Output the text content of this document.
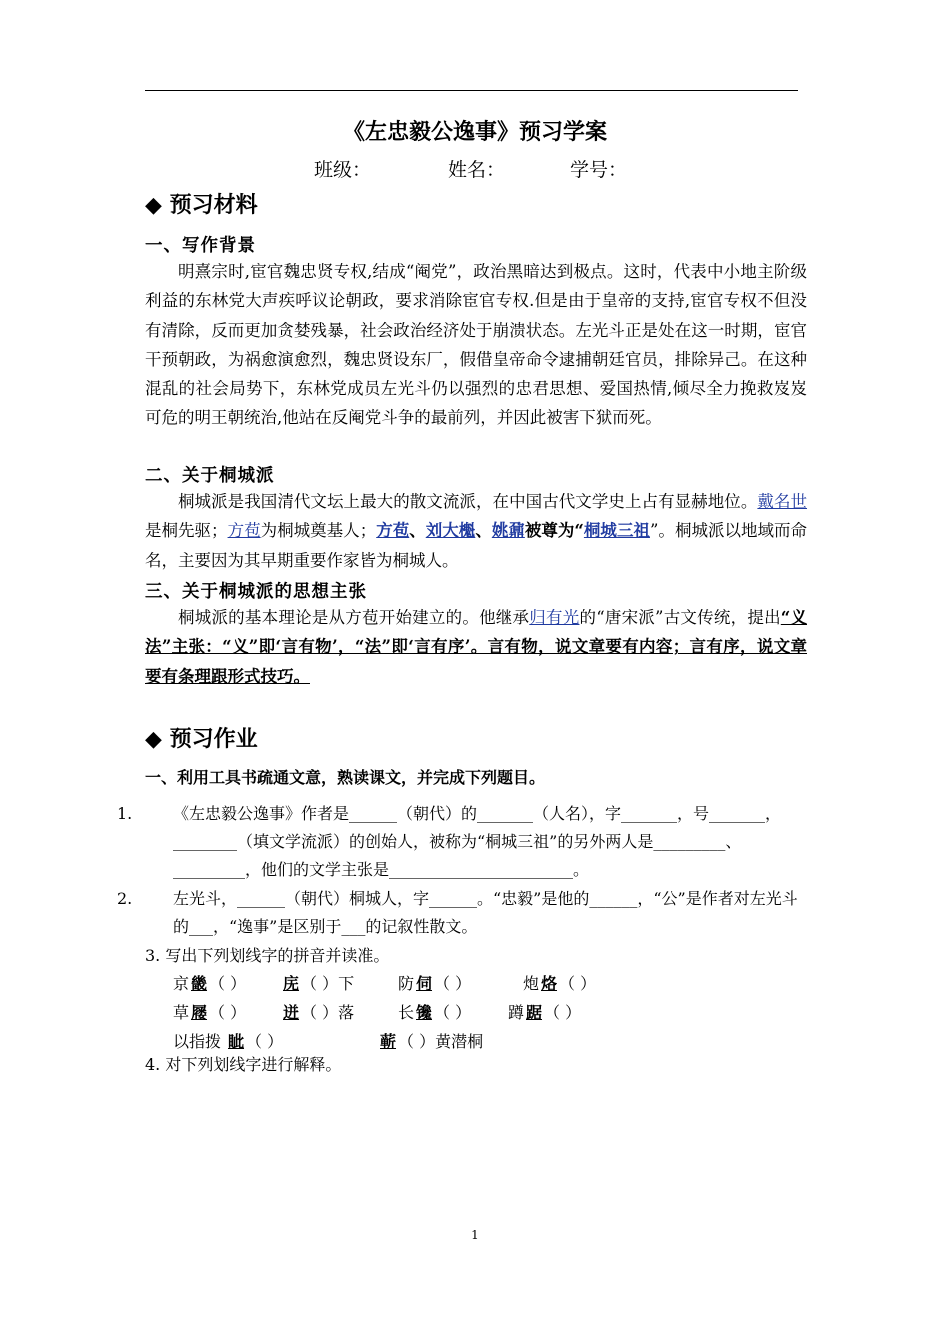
《左忠毅公逸事》预习学案
班级：	姓名：	学号：
◆ 预习材料
一、写作背景
明熹宗时,宦官魏忠贤专权,结成“阉党”，政治黑暗达到极点。这时，代表中小地主阶级利益的东林党大声疾呼议论朝政，要求消除宦官专权.但是由于皇帝的支持,宦官专权不但没有清除，反而更加贪婪残暴，社会政治经济处于崩溃状态。左光斗正是处在这一时期，宦官干预朝政，为祸愈演愈烈，魏忠贤设东厂，假借皇帝命令逮捕朝廷官员，排除异己。在这种混乱的社会局势下，东林党成员左光斗仍以强烈的忠君思想、爱国热情,倾尽全力挽救岌岌可危的明王朝统治,他站在反阉党斗争的最前列，并因此被害下狱而死。
二、关于桐城派
桐城派是我国清代文坛上最大的散文流派，在中国古代文学史上占有显赫地位。戴名世是桐先驱；方苞为桐城奠基人；方苞、刘大櫆、姚鼐被尊为“桐城三祖”。桐城派以地域而命名，主要因为其早期重要作家皆为桐城人。
三、关于桐城派的思想主张
桐城派的基本理论是从方苞开始建立的。他继承归有光的“唐宋派”古文传统，提出“义法”主张：“义”即‘言有物’，“法”即‘言有序’。言有物，说文章要有内容；言有序，说文章要有条理跟形式技巧。
◆ 预习作业
一、利用工具书疏通文意，熟读课文，并完成下列题目。
1.	《左忠毅公逸事》作者是______（朝代）的_______（人名），字_______，号_______，________（填文学流派）的创始人，被称为“桐城三祖”的另外两人是_________、_________，他们的文学主张是_______________________。
2.	左光斗，______（朝代）桐城人，字______。“忠毅”是他的______，“公”是作者对左光斗的___，“逸事”是区别于___的记叙性散文。
3. 写出下列划线字的拼音并读准。
京 畿 （ ） 庑 （ ）下	防 伺 （ ）	炮 烙 （ ）
草 屦 （ ） 迸 （ ）落	长 镵 （ ） 蹲 踞 （ ）
以指拨 眦 （ ）	蕲 （ ）黄潜桐
4. 对下列划线字进行解释。
1
